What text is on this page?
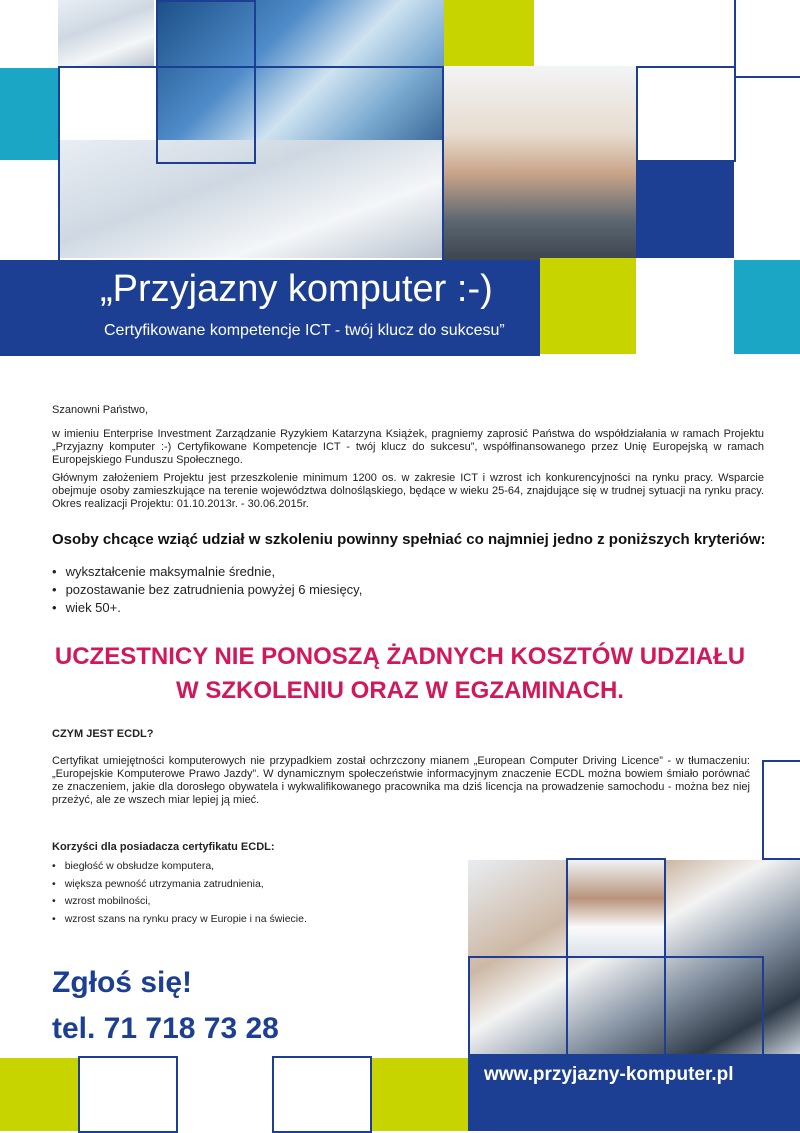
„Przyjazny komputer :-)
Certyfikowane kompetencje ICT - twój klucz do sukcesu”
Szanowni Państwo,
w imieniu Enterprise Investment Zarządzanie Ryzykiem Katarzyna Książek, pragniemy zaprosić Państwa do współdziałania w ramach Projektu „Przyjazny komputer :-) Certyfikowane Kompetencje ICT - twój klucz do sukcesu”, współfinansowanego przez Unię Europejską w ramach Europejskiego Funduszu Społecznego.
Głównym założeniem Projektu jest przeszkolenie minimum 1200 os. w zakresie ICT i wzrost ich konkurencyjności na rynku pracy. Wsparcie obejmuje osoby zamieszkujące na terenie województwa dolnośląskiego, będące w wieku 25-64, znajdujące się w trudnej sytuacji na rynku pracy. Okres realizacji Projektu: 01.10.2013r. - 30.06.2015r.
Osoby chcące wziąć udział w szkoleniu powinny spełniać co najmniej jedno z poniższych kryteriów:
• wykształcenie maksymalnie średnie,
• pozostawanie bez zatrudnienia powyżej 6 miesięcy,
• wiek 50+.
UCZESTNICY NIE PONOSZĄ ŻADNYCH KOSZTÓW UDZIAŁU
W SZKOLENIU ORAZ W EGZAMINACH.
CZYM JEST ECDL?
Certyfikat umiejętności komputerowych nie przypadkiem został ochrzczony mianem „European Computer Driving Licence” - w tłumaczeniu: „Europejskie Komputerowe Prawo Jazdy”. W dynamicznym społeczeństwie informacyjnym znaczenie ECDL można bowiem śmiało porównać ze znaczeniem, jakie dla dorosłego obywatela i wykwalifikowanego pracownika ma dziś licencja na prowadzenie samochodu - można bez niej przeżyć, ale ze wszech miar lepiej ją mieć.
Korzyści dla posiadacza certyfikatu ECDL:
• biegłość w obsłudze komputera,
• większa pewność utrzymania zatrudnienia,
• wzrost mobilności,
• wzrost szans na rynku pracy w Europie i na świecie.
www.przyjazny-komputer.pl
Zgłoś się!
tel. 71 718 73 28
